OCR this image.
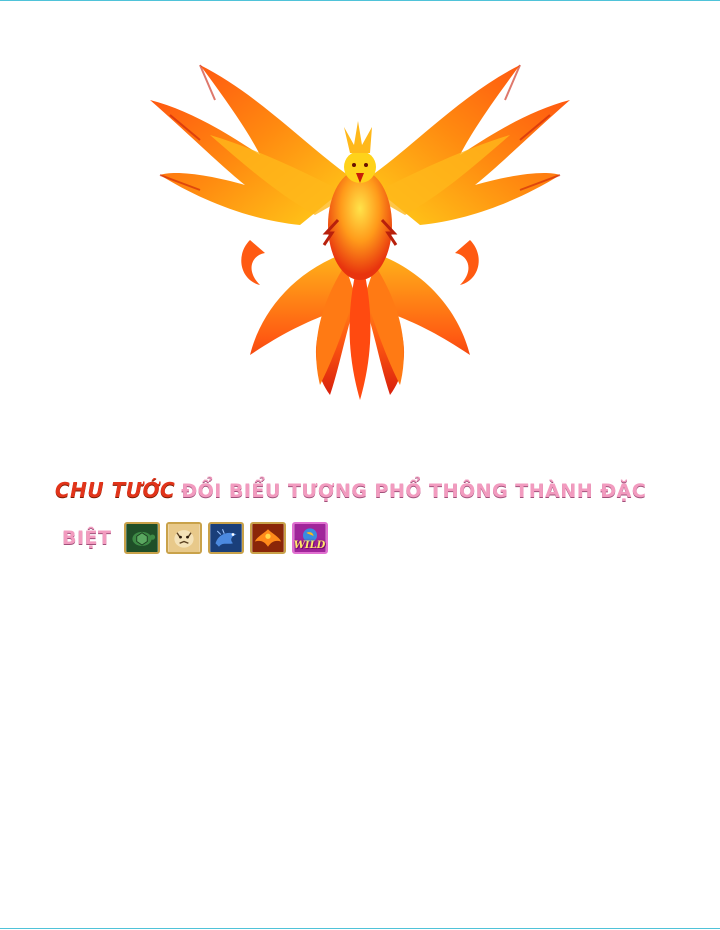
CHU TƯỚC ĐỔI BIỂU TƯỢNG PHỔ THÔNG THÀNH ĐẶC
BIỆT	WILD
